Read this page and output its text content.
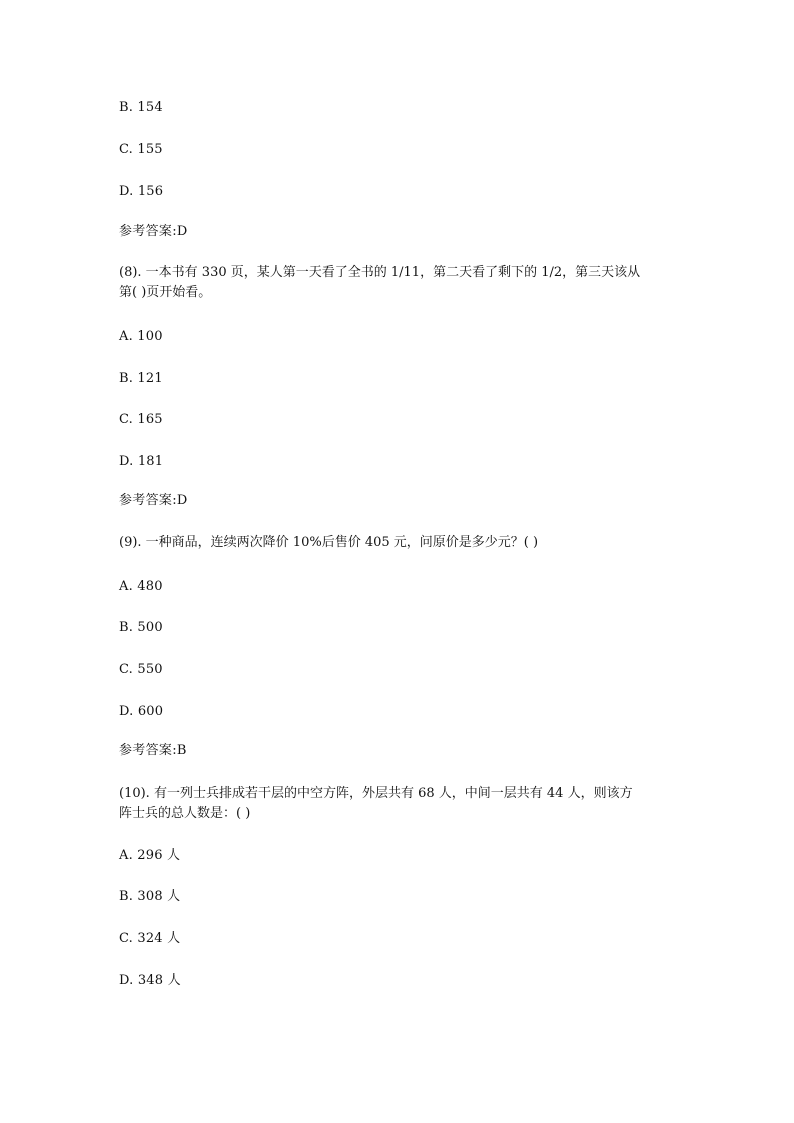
B. 154
C. 155
D. 156
参考答案:D
(8). 一本书有 330 页，某人第一天看了全书的 1/11，第二天看了剩下的 1/2，第三天该从
第( )页开始看。
A. 100
B. 121
C. 165
D. 181
参考答案:D
(9). 一种商品，连续两次降价 10%后售价 405 元，问原价是多少元？( )
A. 480
B. 500
C. 550
D. 600
参考答案:B
(10). 有一列士兵排成若干层的中空方阵，外层共有 68 人，中间一层共有 44 人，则该方
阵士兵的总人数是：( )
A. 296 人
B. 308 人
C. 324 人
D. 348 人
